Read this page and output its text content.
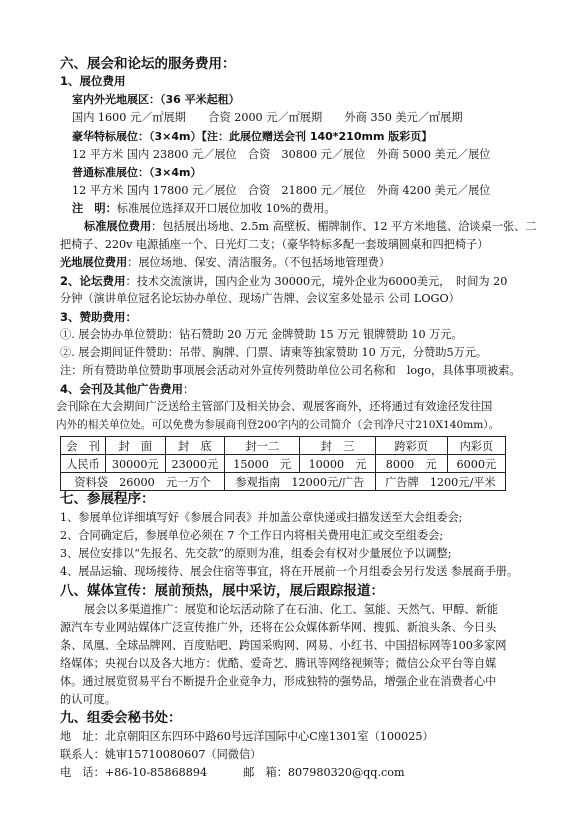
六、展会和论坛的服务费用：
1、展位费用
室内外光地展区：（36 平米起租）
国内 1600 元／㎡展期　　合资 2000 元／㎡展期　　外商 350 美元／㎡展期
豪华特标展位：（3×4m）【注：此展位赠送会刊 140*210mm 版彩页】
12 平方米 国内 23800 元／展位　合资　30800 元／展位　外商 5000 美元／展位
普通标准展位：（3×4m）
12 平方米 国内 17800 元／展位　合资　21800 元／展位　外商 4200 美元／展位
注　明：标准展位选择双开口展位加收 10%的费用。
标准展位费用：包括展出场地、2.5m 高壁板、楣牌制作、12 平方米地毯、洽谈桌一张、二
把椅子、220v 电源插座一个、日光灯二支；（豪华特标多配一套玻璃圆桌和四把椅子）
光地展位费用：展位场地、保安、清洁服务。（不包括场地管理费）
2、论坛费用：技术交流演讲，国内企业为 30000元，境外企业为6000美元，　时间为 20
分钟（演讲单位冠名论坛协办单位、现场广告牌、会议室多处显示 公司 LOGO）
3、赞助费用：
①. 展会协办单位赞助：钻石赞助 20 万元 金牌赞助 15 万元 银牌赞助 10 万元。
②. 展会期间证件赞助：吊带、胸牌、门票、请柬等独家赞助 10 万元，分赞助5万元。
注：所有赞助单位赞助事项展会活动对外宣传列赞助单位公司名称和　logo，具体事项被索。
4、会刊及其他广告费用：
会刊除在大会期间广泛送给主管部门及相关协会、观展客商外，还将通过有效途径发往国
内外的相关单位处。可以免费为参展商刊登200字内的公司简介（会刊净尺寸210X140mm）。
会　刊	封　面	封　底	封一二	封　三	跨彩页	内彩页
人民币	30000元	23000元	15000　元	10000　元	8000　元	6000元
资料袋　26000　元一万个			参观指南　12000元/广告		广告牌　1200元/平米	
七、参展程序：
1、参展单位详细填写好《参展合同表》并加盖公章快递或扫描发送至大会组委会;
2、合同确定后，参展单位必须在 7 个工作日内将相关费用电汇或交至组委会;
3、展位安排以“先报名、先交款”的原则为准，组委会有权对少量展位予以调整;
4、展品运输、现场接待、展会住宿等事宜，将在开展前一个月组委会另行发送 参展商手册。
八、媒体宣传：展前预热，展中采访，展后跟踪报道：
展会以多渠道推广：展览和论坛活动除了在石油、化工、氢能、天然气、甲醇、新能
源汽车专业网站媒体广泛宣传推广外，还将在公众媒体新华网、搜狐、新浪头条、今日头
条、凤凰、全球品牌网、百度贴吧、跨国采购网、网易、小红书、中国招标网等100多家网
络媒体；央视台以及各大地方：优酷、爱奇艺、腾讯等网络视频等；微信公众平台等自媒
体。通过展览贸易平台不断提升企业竞争力，形成独特的强势品，增强企业在消费者心中
的认可度。
九、组委会秘书处：
地　址：北京朝阳区东四环中路60号远洋国际中心C座1301室（100025）
联系人：姚审15710080607（同微信）
电　话：+86-10-85868894	邮　箱：807980320@qq.com
